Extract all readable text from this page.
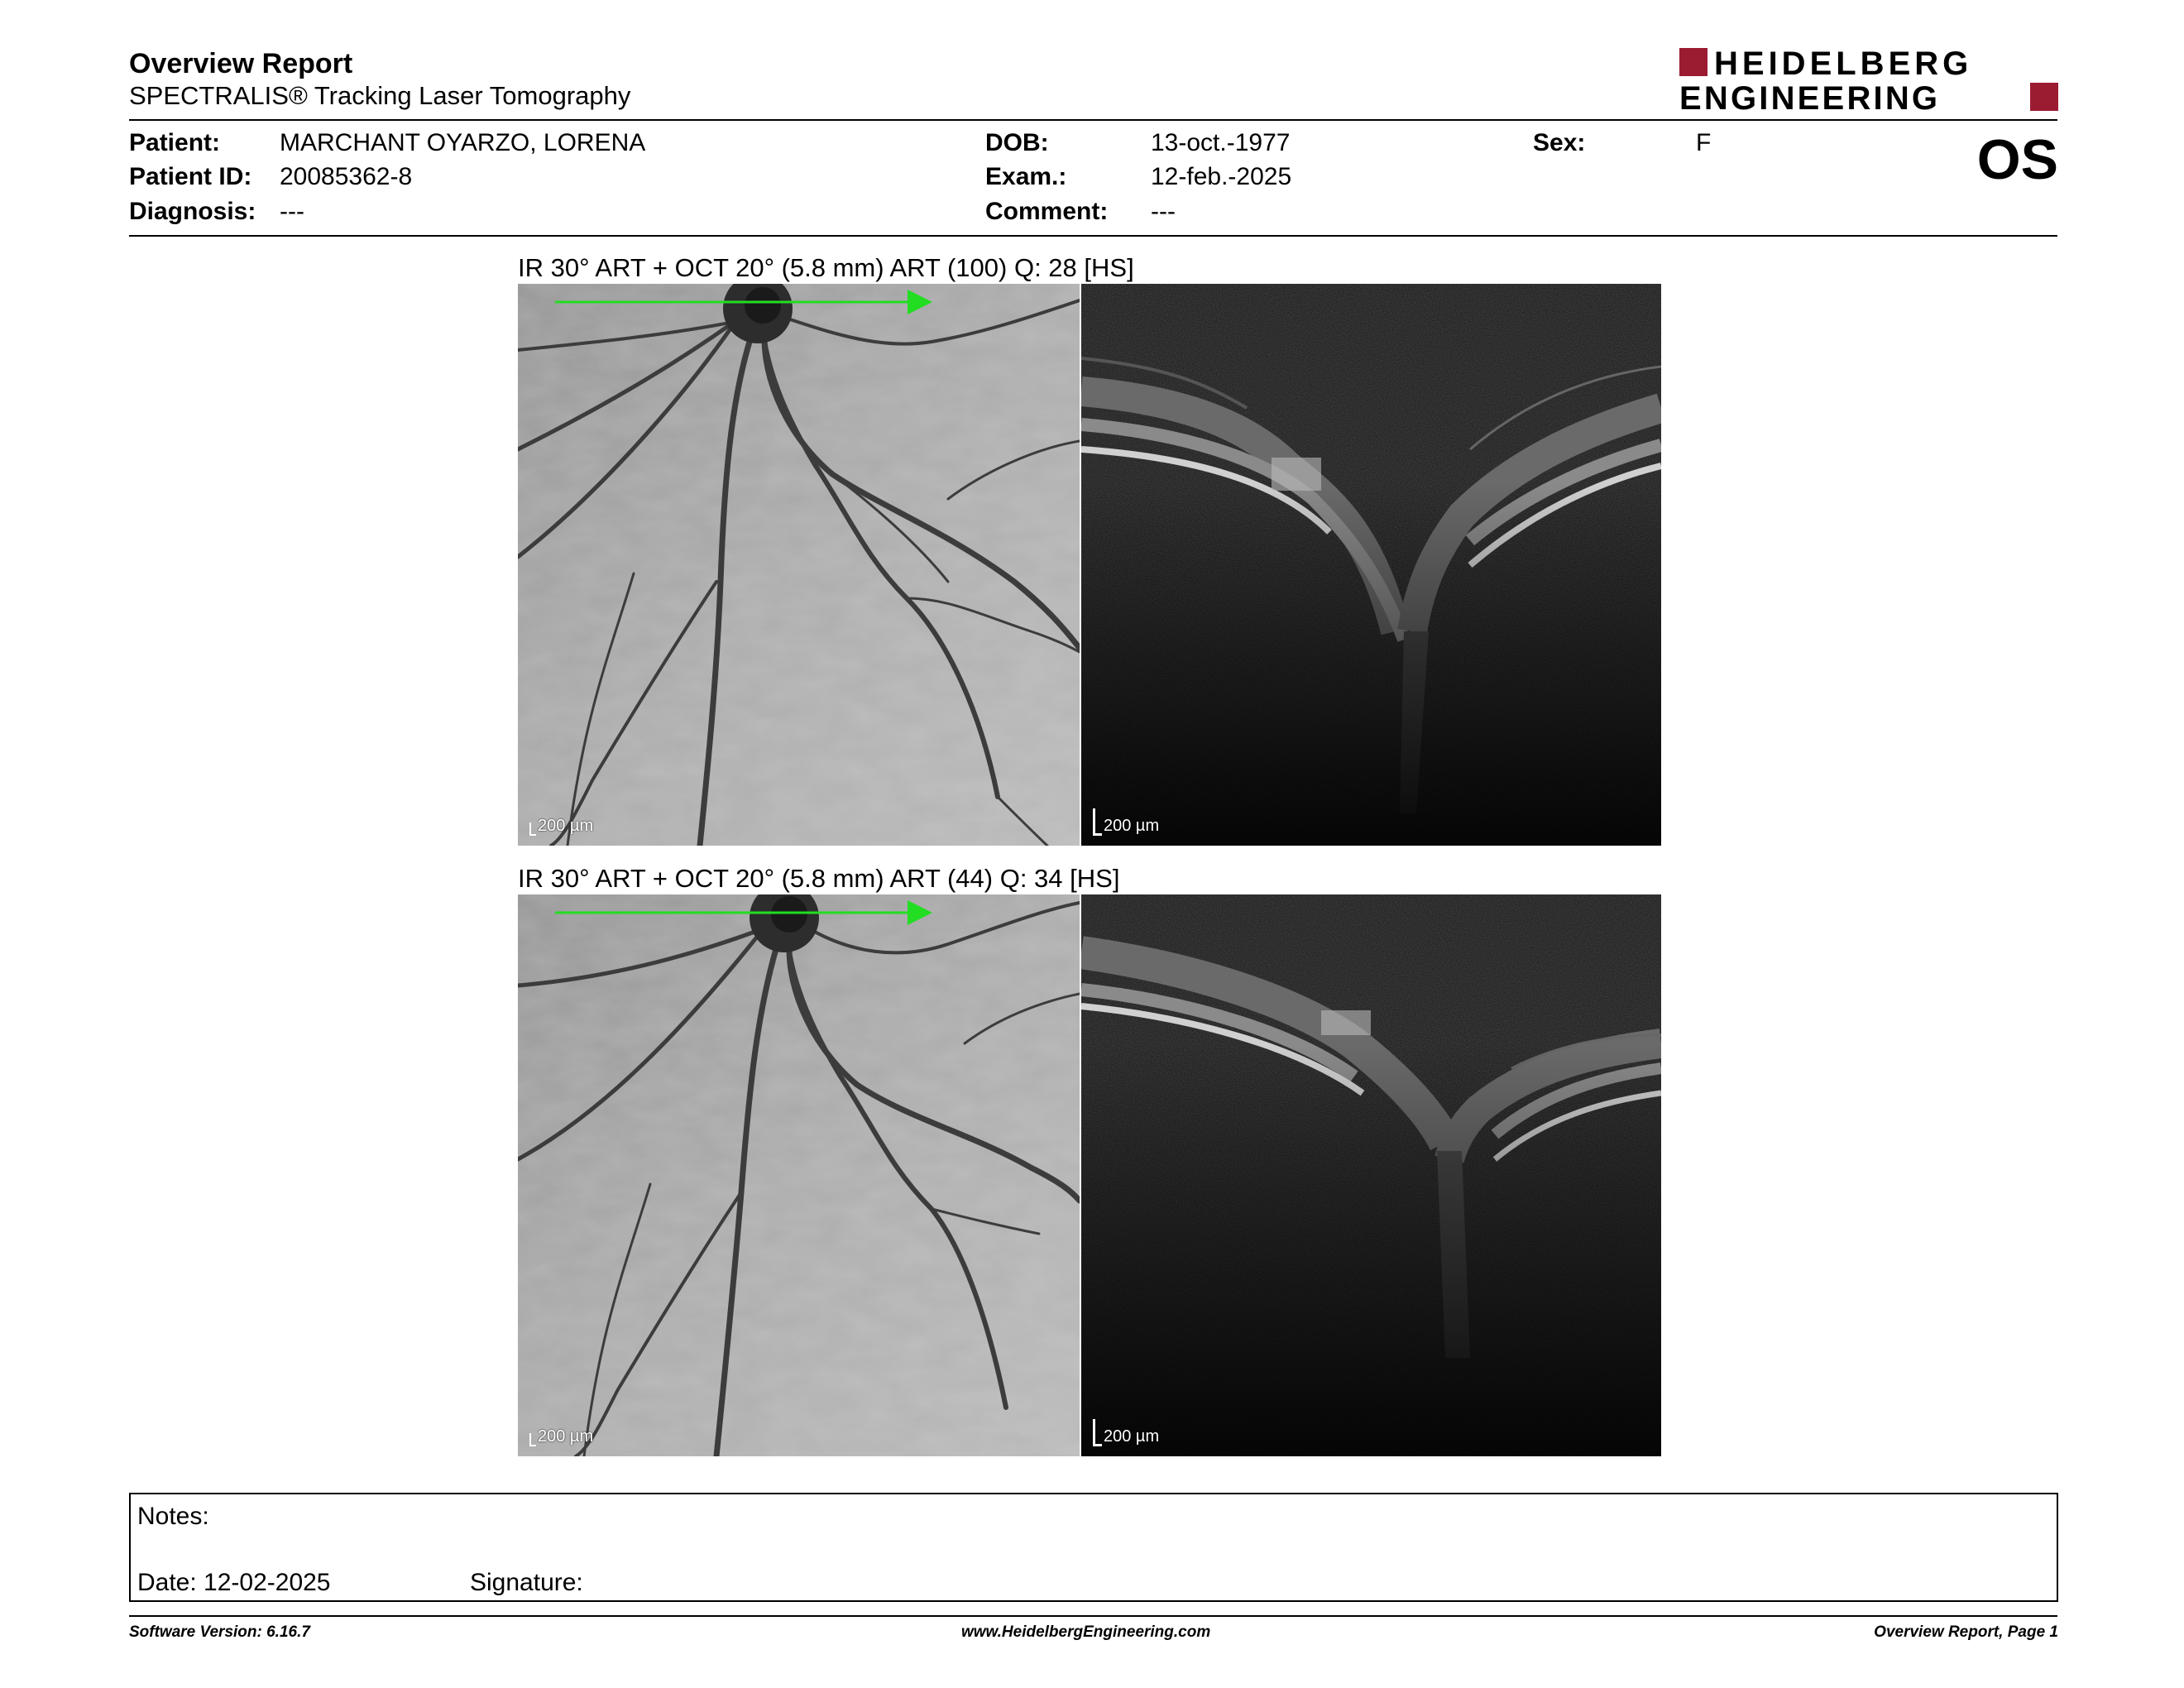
Overview Report
SPECTRALIS® Tracking Laser Tomography
HEIDELBERG
ENGINEERING
Patient: MARCHANT OYARZO, LORENA
Patient ID: 20085362-8
Diagnosis: ---
DOB:	13-oct.-1977
Exam.:	12-feb.-2025
Comment: ---
Sex:	F	OS
IR 30° ART + OCT 20° (5.8 mm) ART (100) Q: 28 [HS]
200 µm	200 µm
IR 30° ART + OCT 20° (5.8 mm) ART (44) Q: 34 [HS]
200 µm	200 µm
Notes:
Date: 12-02-2025	Signature:
Software Version: 6.16.7	www.HeidelbergEngineering.com	Overview Report, Page 1
